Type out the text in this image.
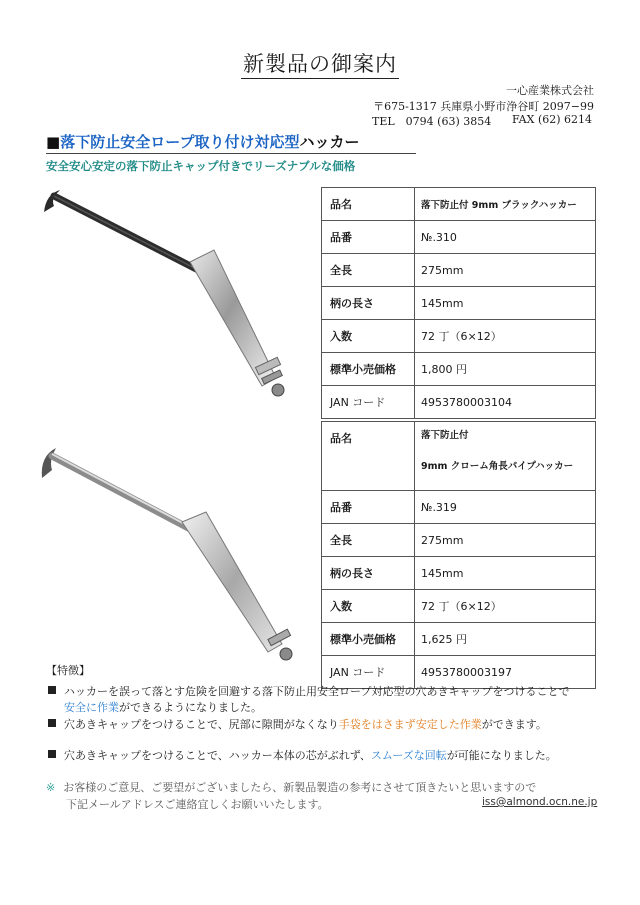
新製品の御案内
一心産業株式会社
〒675-1317 兵庫県小野市浄谷町 2097−99
TEL　0794 (63) 3854 FAX (62) 6214
■落下防止安全ロープ取り付け対応型ハッカー
安全安心安定の落下防止キャップ付きでリーズナブルな価格
品名	落下防止付 9mm ブラックハッカー
品番	№.310
全長	275mm
柄の長さ	145mm
入数	72 丁（6×12）
標準小売価格	1,800 円
JAN コード	4953780003104
品名	落下防止付
9mm クローム角長パイプハッカー

品番	№.319
全長	275mm
柄の長さ	145mm
入数	72 丁（6×12）
標準小売価格	1,625 円
JAN コード	4953780003197
【特徴】
ハッカーを誤って落とす危険を回避する落下防止用安全ロープ対応型の穴あきキャップをつけることで
安全に作業ができるようになりました。
穴あきキャップをつけることで、尻部に隙間がなくなり手袋をはさまず安定した作業ができます。
穴あきキャップをつけることで、ハッカー本体の芯がぶれず、スムーズな回転が可能になりました。
※ お客様のご意見、ご要望がございましたら、新製品製造の参考にさせて頂きたいと思いますので
下記メールアドレスご連絡宜しくお願いいたします。	iss@almond.ocn.ne.jp
